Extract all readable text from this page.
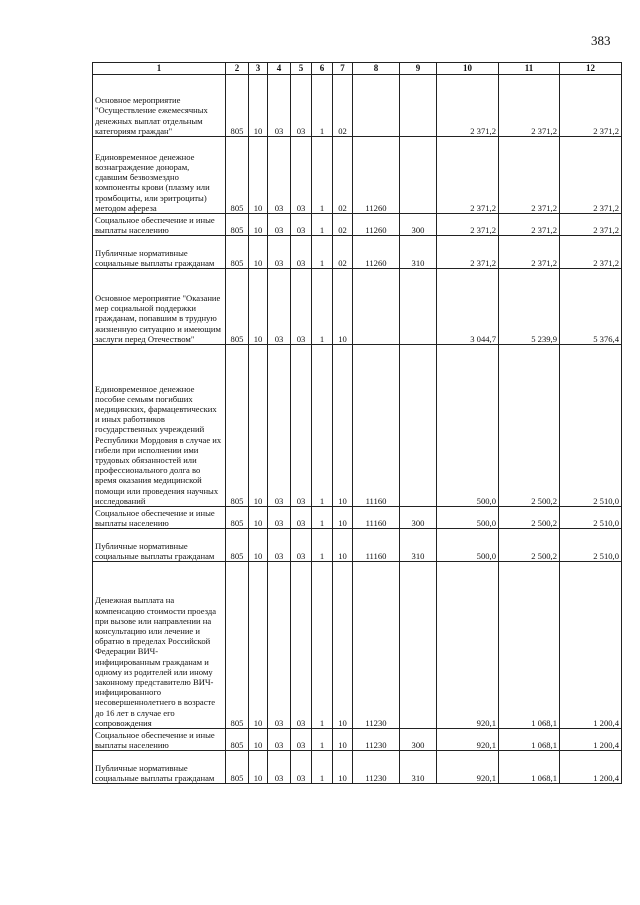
383
1	2	3	4	5	6	7	8	9	10	11	12
Основное мероприятие "Осуществление ежемесячных денежных выплат отдельным категориям граждан"	805	10	03	03	1	02			2 371,2	2 371,2	2 371,2
Единовременное денежное вознаграждение донорам, сдавшим безвозмездно компоненты крови (плазму или тромбоциты, или эритроциты) методом афереза	805	10	03	03	1	02	11260		2 371,2	2 371,2	2 371,2
Социальное обеспечение и иные выплаты населению	805	10	03	03	1	02	11260	300	2 371,2	2 371,2	2 371,2
Публичные нормативные социальные выплаты гражданам	805	10	03	03	1	02	11260	310	2 371,2	2 371,2	2 371,2
Основное мероприятие "Оказание мер социальной поддержки гражданам, попавшим в трудную жизненную ситуацию и имеющим заслуги перед Отечеством"	805	10	03	03	1	10			3 044,7	5 239,9	5 376,4
Единовременное денежное пособие семьям погибших медицинских, фармацевтических и иных работников государственных учреждений Республики Мордовия в случае их гибели при исполнении ими трудовых обязанностей или профессионального долга во время оказания медицинской помощи или проведения научных исследований	805	10	03	03	1	10	11160		500,0	2 500,2	2 510,0
Социальное обеспечение и иные выплаты населению	805	10	03	03	1	10	11160	300	500,0	2 500,2	2 510,0
Публичные нормативные социальные выплаты гражданам	805	10	03	03	1	10	11160	310	500,0	2 500,2	2 510,0
Денежная выплата на компенсацию стоимости проезда при вызове или направлении на консультацию или лечение и обратно в пределах Российской Федерации ВИЧ-инфицированным гражданам и одному из родителей или иному законному представителю ВИЧ-инфицированного несовершеннолетнего в возрасте до 16 лет в случае его сопровождения	805	10	03	03	1	10	11230		920,1	1 068,1	1 200,4
Социальное обеспечение и иные выплаты населению	805	10	03	03	1	10	11230	300	920,1	1 068,1	1 200,4
Публичные нормативные социальные выплаты гражданам	805	10	03	03	1	10	11230	310	920,1	1 068,1	1 200,4
